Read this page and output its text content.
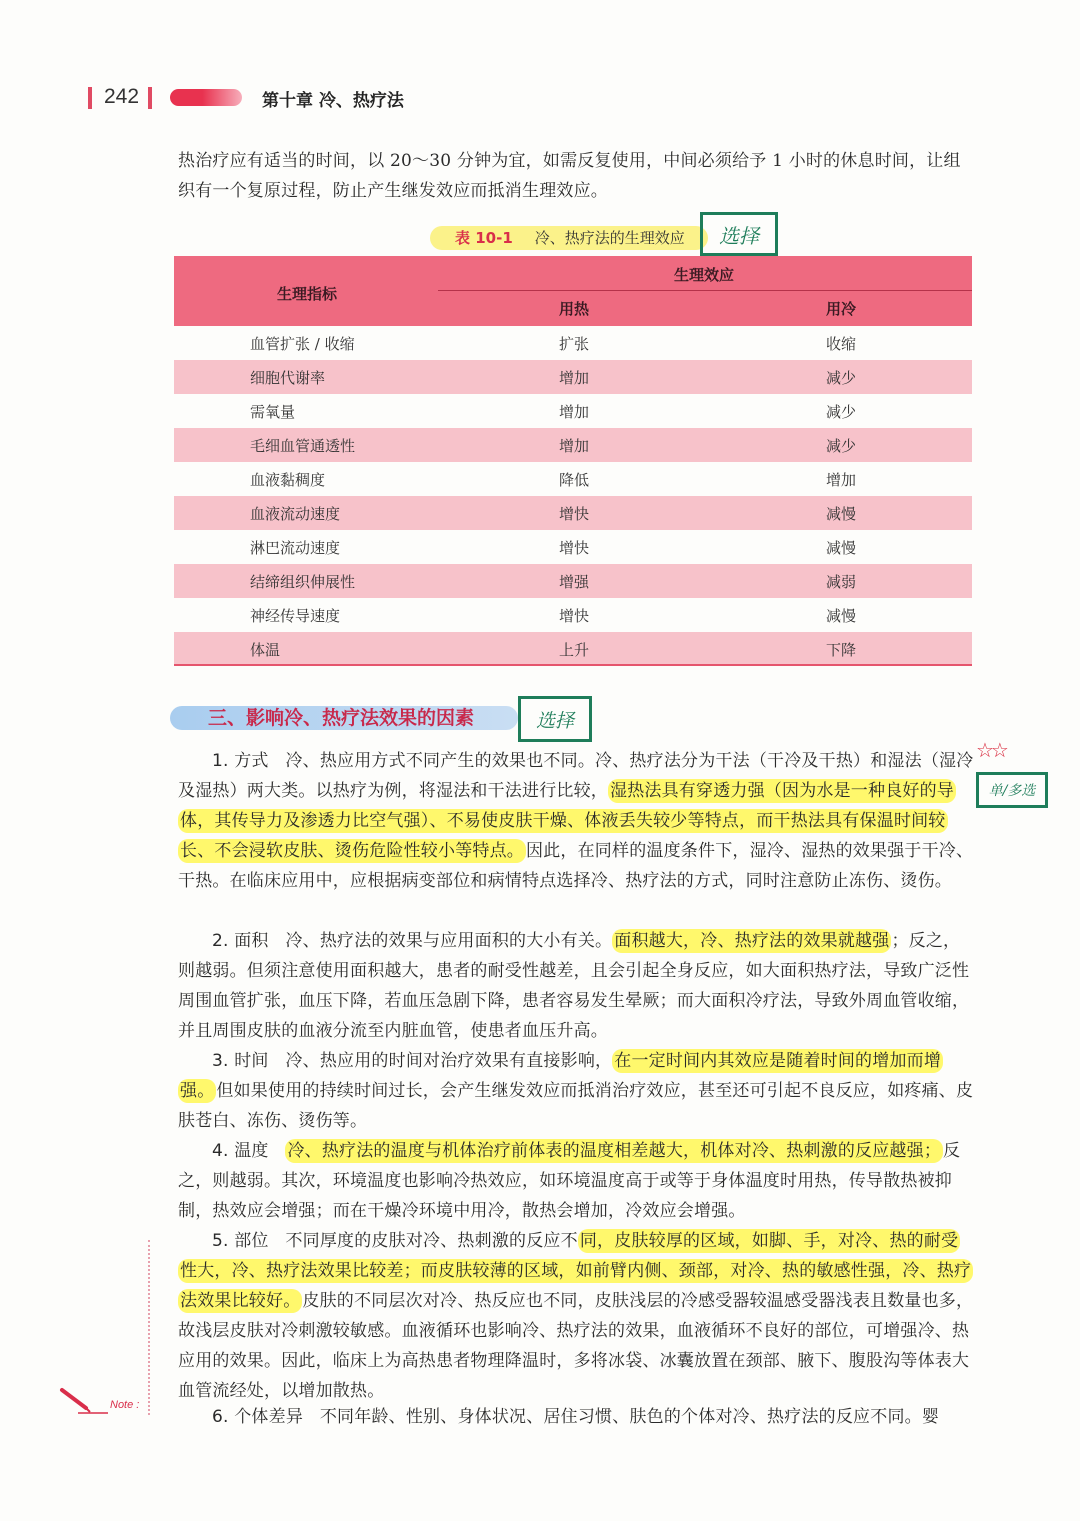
242	第十章 冷、热疗法
热治疗应有适当的时间，以 20～30 分钟为宜，如需反复使用，中间必须给予 1 小时的休息时间，让组
织有一个复原过程，防止产生继发效应而抵消生理效应。
表 10-1 冷、热疗法的生理效应	选择
生理指标
生理效应
用热	用冷
血管扩张 / 收缩	扩张	收缩
细胞代谢率	增加	减少
需氧量	增加	减少
毛细血管通透性	增加	减少
血液黏稠度	降低	增加
血液流动速度	增快	减慢
淋巴流动速度	增快	减慢
结缔组织伸展性	增强	减弱
神经传导速度	增快	减慢
体温	上升	下降
三、影响冷、热疗法效果的因素	选择
☆☆
单/多选
1. 方式 冷、热应用方式不同产生的效果也不同。冷、热疗法分为干法（干冷及干热）和湿法（湿冷及湿热）两大类。以热疗为例，将湿法和干法进行比较， 湿热法具有穿透力强（因为水是一种良好的导体，其传导力及渗透力比空气强）、不易使皮肤干燥、体液丢失较少等特点，而干热法具有保温时间较长、不会浸软皮肤、烫伤危险性较小等特点。 因此，在同样的温度条件下，湿冷、湿热的效果强于干冷、干热。在临床应用中，应根据病变部位和病情特点选择冷、热疗法的方式，同时注意防止冻伤、烫伤。
2. 面积 冷、热疗法的效果与应用面积的大小有关。 面积越大，冷、热疗法的效果就越强 ；反之，则越弱。但须注意使用面积越大，患者的耐受性越差，且会引起全身反应，如大面积热疗法，导致广泛性周围血管扩张，血压下降，若血压急剧下降，患者容易发生晕厥；而大面积冷疗法，导致外周血管收缩，并且周围皮肤的血液分流至内脏血管，使患者血压升高。
3. 时间 冷、热应用的时间对治疗效果有直接影响， 在一定时间内其效应是随着时间的增加而增强。 但如果使用的持续时间过长，会产生继发效应而抵消治疗效应，甚至还可引起不良反应，如疼痛、皮肤苍白、冻伤、烫伤等。
4. 温度 冷、热疗法的温度与机体治疗前体表的温度相差越大，机体对冷、热刺激的反应越强； 反之，则越弱。其次，环境温度也影响冷热效应，如环境温度高于或等于身体温度时用热，传导散热被抑制，热效应会增强；而在干燥冷环境中用冷，散热会增加，冷效应会增强。
5. 部位 不同厚度的皮肤对冷、热刺激的反应不 同，皮肤较厚的区域，如脚、手，对冷、热的耐受性大，冷、热疗法效果比较差；而皮肤较薄的区域，如前臂内侧、颈部，对冷、热的敏感性强，冷、热疗法效果比较好。 皮肤的不同层次对冷、热反应也不同，皮肤浅层的冷感受器较温感受器浅表且数量也多，故浅层皮肤对冷刺激较敏感。血液循环也影响冷、热疗法的效果，血液循环不良好的部位，可增强冷、热应用的效果。因此，临床上为高热患者物理降温时，多将冰袋、冰囊放置在颈部、腋下、腹股沟等体表大血管流经处，以增加散热。
6. 个体差异 不同年龄、性别、身体状况、居住习惯、肤色的个体对冷、热疗法的反应不同。婴
Note :
